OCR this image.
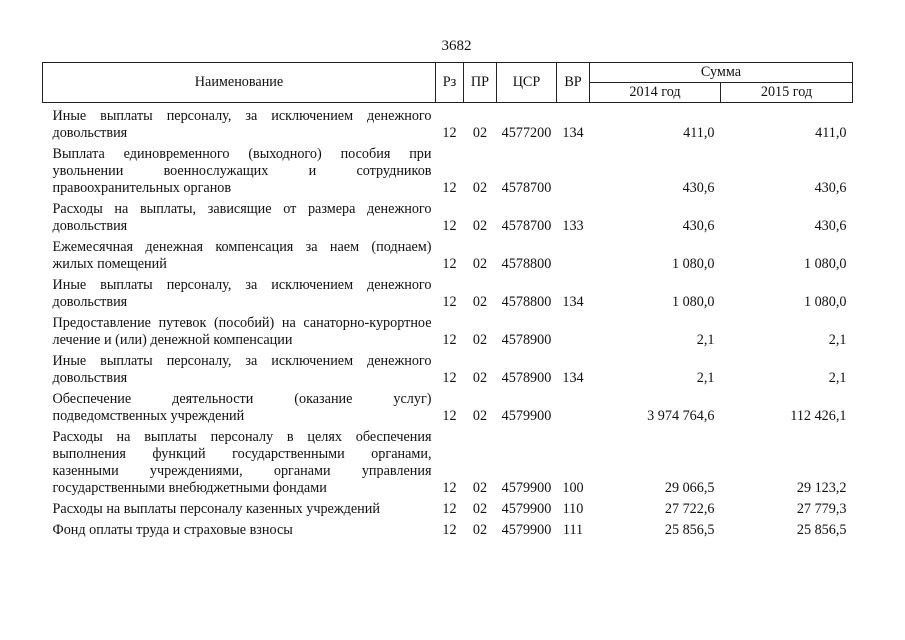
3682
Наименование	Рз	ПР	ЦСР	ВР	Сумма	
					2014 год	2015 год
Иные выплаты персоналу, за исключением денежного довольствия	12	02	4577200	134	411,0	411,0
Выплата единовременного (выходного) пособия при увольнении военнослужащих и сотрудников правоохранительных органов	12	02	4578700		430,6	430,6
Расходы на выплаты, зависящие от размера денежного довольствия	12	02	4578700	133	430,6	430,6
Ежемесячная денежная компенсация за наем (поднаем) жилых помещений	12	02	4578800		1 080,0	1 080,0
Иные выплаты персоналу, за исключением денежного довольствия	12	02	4578800	134	1 080,0	1 080,0
Предоставление путевок (пособий) на санаторно-курортное лечение и (или) денежной компенсации	12	02	4578900		2,1	2,1
Иные выплаты персоналу, за исключением денежного довольствия	12	02	4578900	134	2,1	2,1
Обеспечение деятельности (оказание услуг) подведомственных учреждений	12	02	4579900		3 974 764,6	112 426,1
Расходы на выплаты персоналу в целях обеспечения выполнения функций государственными органами, казенными учреждениями, органами управления государственными внебюджетными фондами	12	02	4579900	100	29 066,5	29 123,2
Расходы на выплаты персоналу казенных учреждений	12	02	4579900	110	27 722,6	27 779,3
Фонд оплаты труда и страховые взносы	12	02	4579900	111	25 856,5	25 856,5
